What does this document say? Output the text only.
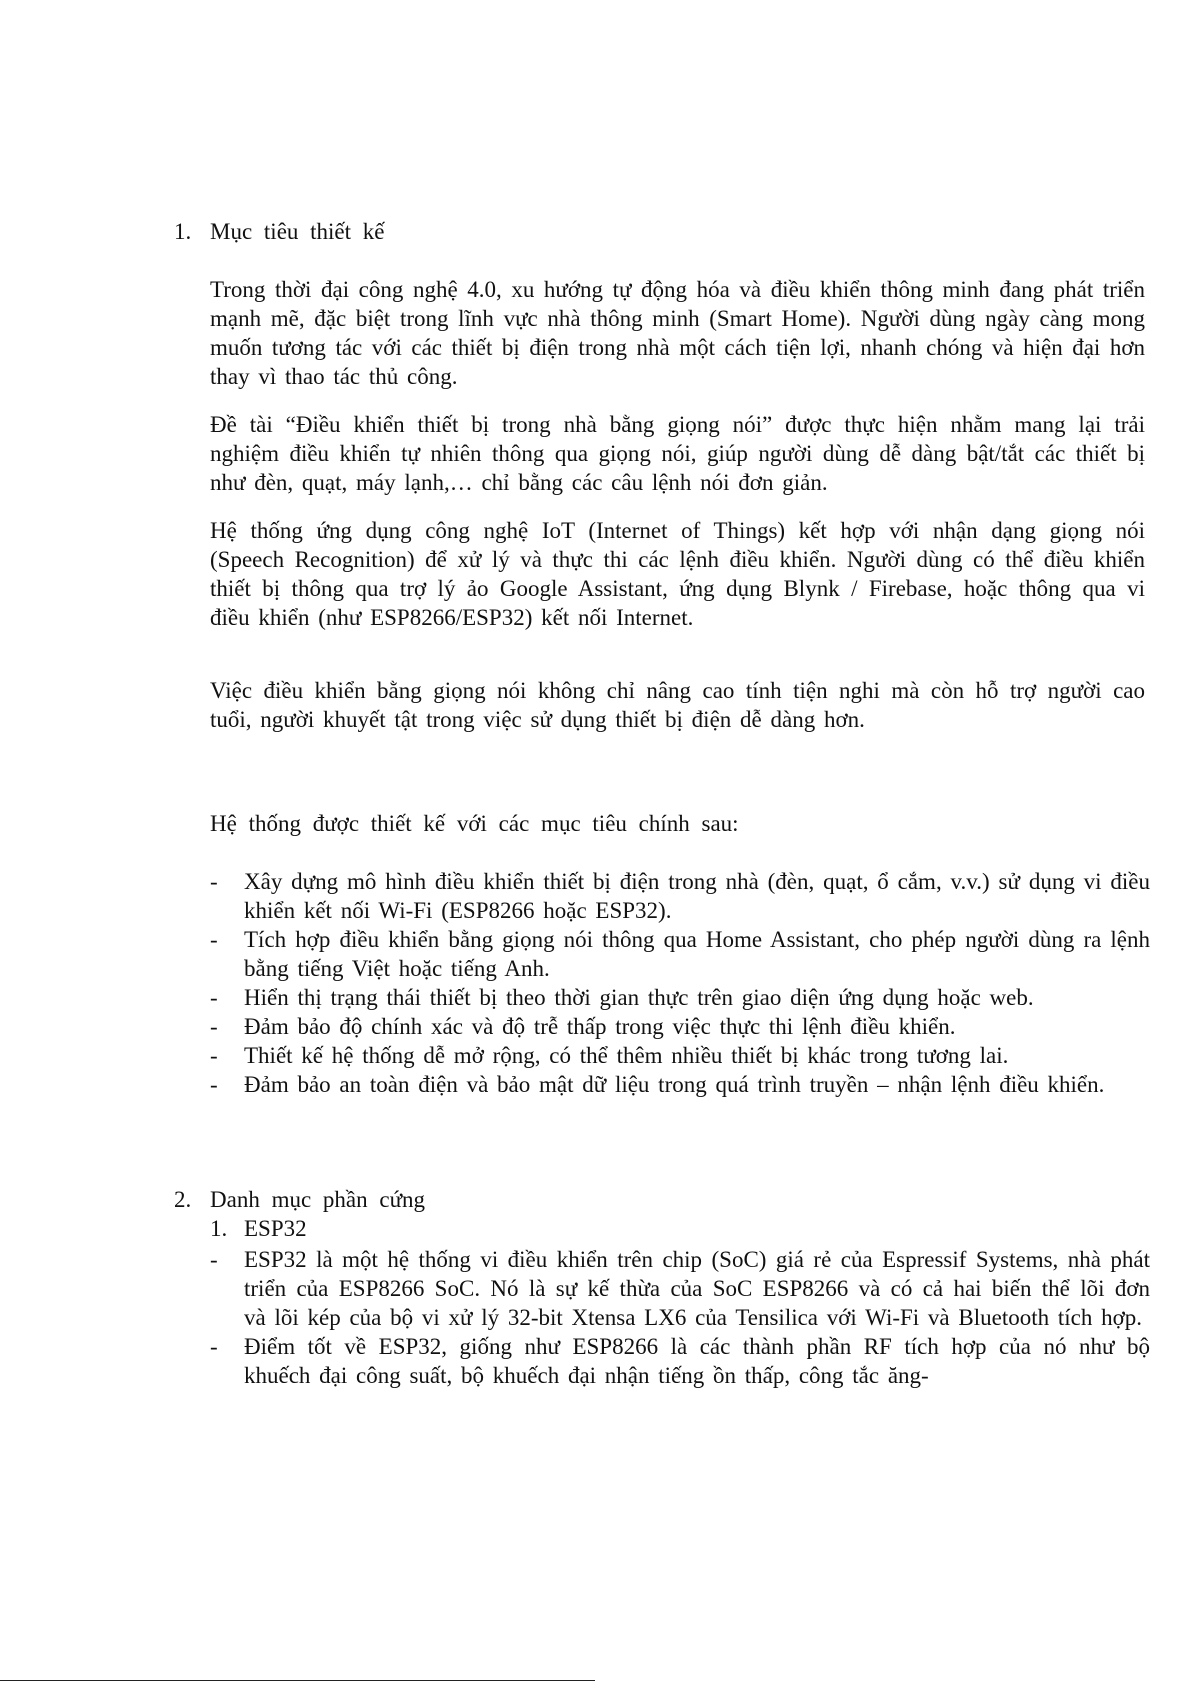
1. Mục tiêu thiết kế

Trong thời đại công nghệ 4.0, xu hướng tự động hóa và điều khiển thông minh đang phát triển mạnh mẽ, đặc biệt trong lĩnh vực nhà thông minh (Smart Home). Người dùng ngày càng mong muốn tương tác với các thiết bị điện trong nhà một cách tiện lợi, nhanh chóng và hiện đại hơn thay vì thao tác thủ công.

Đề tài “Điều khiển thiết bị trong nhà bằng giọng nói” được thực hiện nhằm mang lại trải nghiệm điều khiển tự nhiên thông qua giọng nói, giúp người dùng dễ dàng bật/tắt các thiết bị như đèn, quạt, máy lạnh,… chỉ bằng các câu lệnh nói đơn giản.

Hệ thống ứng dụng công nghệ IoT (Internet of Things) kết hợp với nhận dạng giọng nói (Speech Recognition) để xử lý và thực thi các lệnh điều khiển. Người dùng có thể điều khiển thiết bị thông qua trợ lý ảo Google Assistant, ứng dụng Blynk / Firebase, hoặc thông qua vi điều khiển (như ESP8266/ESP32) kết nối Internet.

Việc điều khiển bằng giọng nói không chỉ nâng cao tính tiện nghi mà còn hỗ trợ người cao tuổi, người khuyết tật trong việc sử dụng thiết bị điện dễ dàng hơn.

Hệ thống được thiết kế với các mục tiêu chính sau:
- Xây dựng mô hình điều khiển thiết bị điện trong nhà (đèn, quạt, ổ cắm, v.v.) sử dụng vi điều khiển kết nối Wi-Fi (ESP8266 hoặc ESP32).
- Tích hợp điều khiển bằng giọng nói thông qua Home Assistant, cho phép người dùng ra lệnh bằng tiếng Việt hoặc tiếng Anh.
- Hiển thị trạng thái thiết bị theo thời gian thực trên giao diện ứng dụng hoặc web.
- Đảm bảo độ chính xác và độ trễ thấp trong việc thực thi lệnh điều khiển.
- Thiết kế hệ thống dễ mở rộng, có thể thêm nhiều thiết bị khác trong tương lai.
- Đảm bảo an toàn điện và bảo mật dữ liệu trong quá trình truyền – nhận lệnh điều khiển.
2. Danh mục phần cứng
1. ESP32
- ESP32 là một hệ thống vi điều khiển trên chip (SoC) giá rẻ của Espressif Systems, nhà phát triển của ESP8266 SoC. Nó là sự kế thừa của SoC ESP8266 và có cả hai biến thể lõi đơn và lõi kép của bộ vi xử lý 32-bit Xtensa LX6 của Tensilica với Wi-Fi và Bluetooth tích hợp.
- Điểm tốt về ESP32, giống như ESP8266 là các thành phần RF tích hợp của nó như bộ khuếch đại công suất, bộ khuếch đại nhận tiếng ồn thấp, công tắc ăng-
